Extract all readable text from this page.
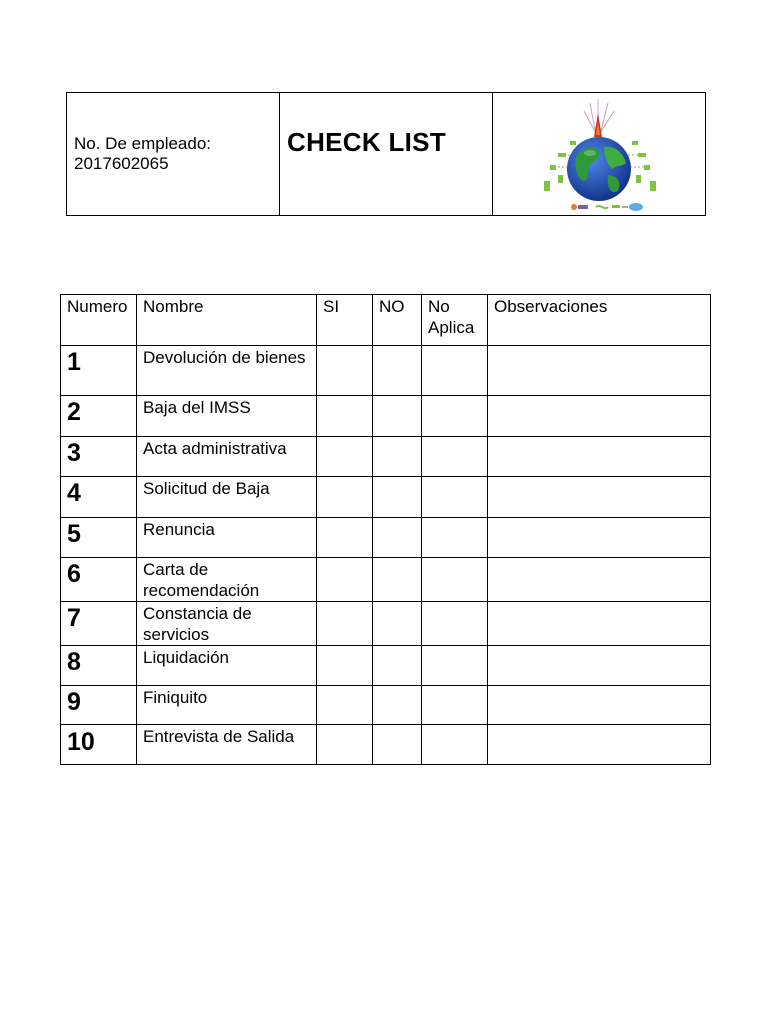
No. De empleado:
2017602065

CHECK LIST

Numero	Nombre	SI	NO	No Aplica	Observaciones

1	Devolución de bienes				

2	Baja del IMSS				

3	Acta administrativa				

4	Solicitud de Baja				

5	Renuncia				

6	Carta de recomendación				

7	Constancia de servicios				

8	Liquidación				

9	Finiquito				

10	Entrevista de Salida				
